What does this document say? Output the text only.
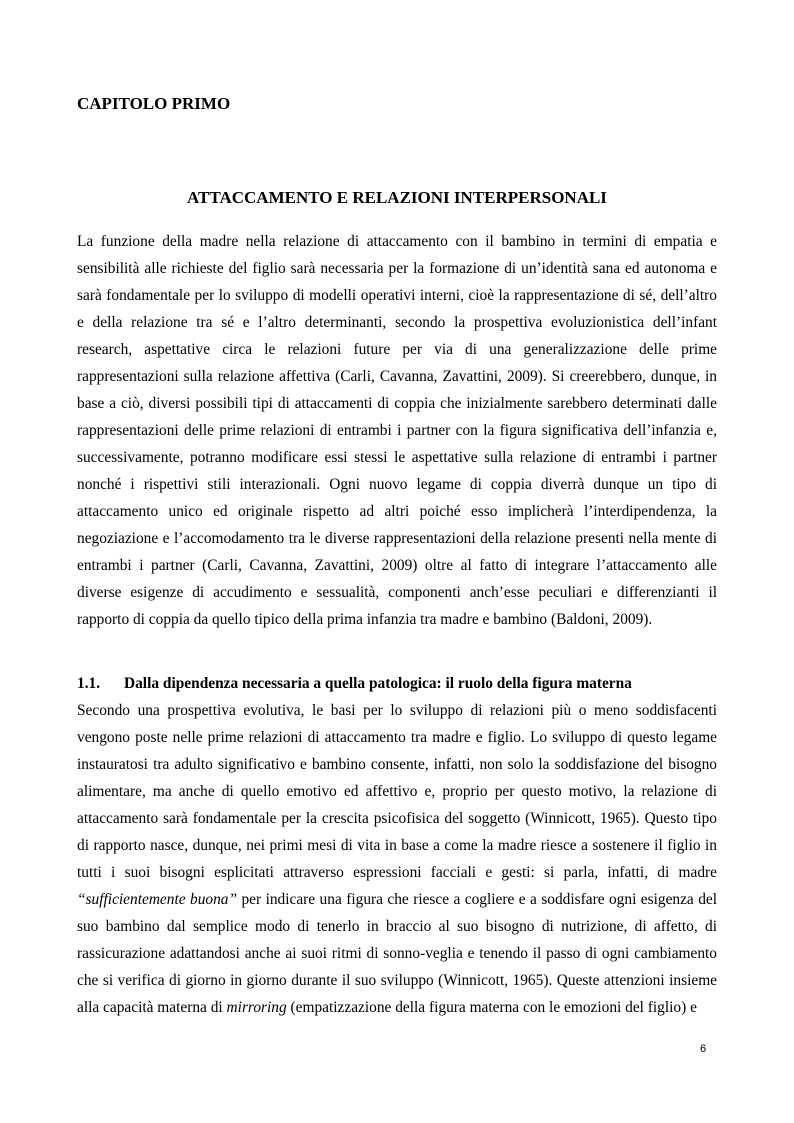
CAPITOLO PRIMO
ATTACCAMENTO E RELAZIONI INTERPERSONALI

La funzione della madre nella relazione di attaccamento con il bambino in termini di empatia e sensibilità alle richieste del figlio sarà necessaria per la formazione di un’identità sana ed autonoma e sarà fondamentale per lo sviluppo di modelli operativi interni, cioè la rappresentazione di sé, dell’altro e della relazione tra sé e l’altro determinanti, secondo la prospettiva evoluzionistica dell’infant research, aspettative circa le relazioni future per via di una generalizzazione delle prime rappresentazioni sulla relazione affettiva (Carli, Cavanna, Zavattini, 2009). Si creerebbero, dunque, in base a ciò, diversi possibili tipi di attaccamenti di coppia che inizialmente sarebbero determinati dalle rappresentazioni delle prime relazioni di entrambi i partner con la figura significativa dell’infanzia e, successivamente, potranno modificare essi stessi le aspettative sulla relazione di entrambi i partner nonché i rispettivi stili interazionali. Ogni nuovo legame di coppia diverrà dunque un tipo di attaccamento unico ed originale rispetto ad altri poiché esso implicherà l’interdipendenza, la negoziazione e l’accomodamento tra le diverse rappresentazioni della relazione presenti nella mente di entrambi i partner (Carli, Cavanna, Zavattini, 2009) oltre al fatto di integrare l’attaccamento alle diverse esigenze di accudimento e sessualità, componenti anch’esse peculiari e differenzianti il rapporto di coppia da quello tipico della prima infanzia tra madre e bambino (Baldoni, 2009).

1.1. Dalla dipendenza necessaria a quella patologica: il ruolo della figura materna

Secondo una prospettiva evolutiva, le basi per lo sviluppo di relazioni più o meno soddisfacenti vengono poste nelle prime relazioni di attaccamento tra madre e figlio. Lo sviluppo di questo legame instauratosi tra adulto significativo e bambino consente, infatti, non solo la soddisfazione del bisogno alimentare, ma anche di quello emotivo ed affettivo e, proprio per questo motivo, la relazione di attaccamento sarà fondamentale per la crescita psicofisica del soggetto (Winnicott, 1965). Questo tipo di rapporto nasce, dunque, nei primi mesi di vita in base a come la madre riesce a sostenere il figlio in tutti i suoi bisogni esplicitati attraverso espressioni facciali e gesti: si parla, infatti, di madre “sufficientemente buona” per indicare una figura che riesce a cogliere e a soddisfare ogni esigenza del suo bambino dal semplice modo di tenerlo in braccio al suo bisogno di nutrizione, di affetto, di rassicurazione adattandosi anche ai suoi ritmi di sonno-veglia e tenendo il passo di ogni cambiamento che si verifica di giorno in giorno durante il suo sviluppo (Winnicott, 1965). Queste attenzioni insieme alla capacità materna di mirroring (empatizzazione della figura materna con le emozioni del figlio) e

6
